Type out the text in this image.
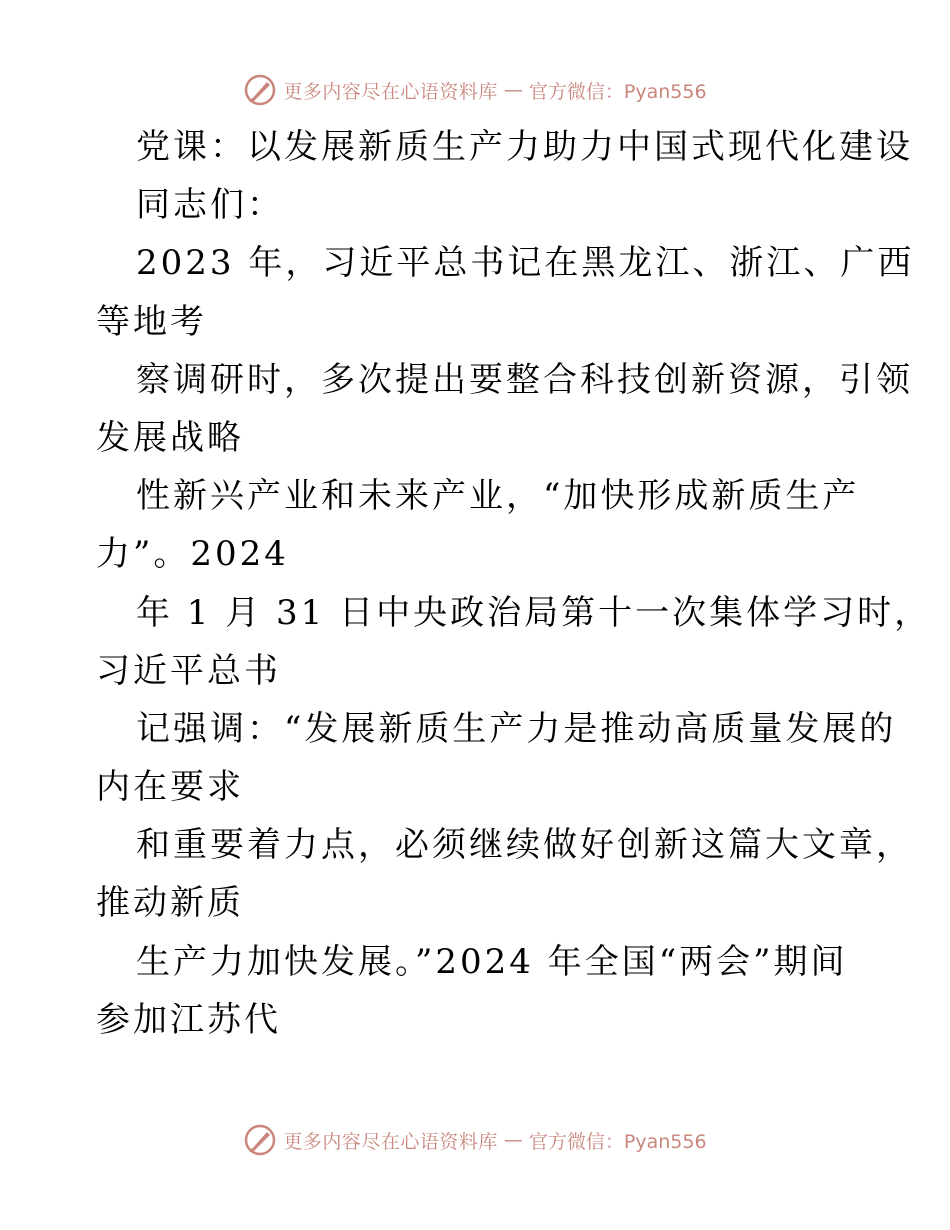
更多内容尽在心语资料库 — 官方微信：Pyan556
党课：以发展新质生产力助力中国式现代化建设
同志们：
2023 年，习近平总书记在黑龙江、浙江、广西
等地考
察调研时，多次提出要整合科技创新资源，引领
发展战略
性新兴产业和未来产业，“加快形成新质生产
力”。2024
年 1 月 31 日中央政治局第十一次集体学习时，
习近平总书
记强调：“发展新质生产力是推动高质量发展的
内在要求
和重要着力点，必须继续做好创新这篇大文章，
推动新质
生产力加快发展。”2024 年全国“两会”期间
参加江苏代
更多内容尽在心语资料库 — 官方微信：Pyan556
